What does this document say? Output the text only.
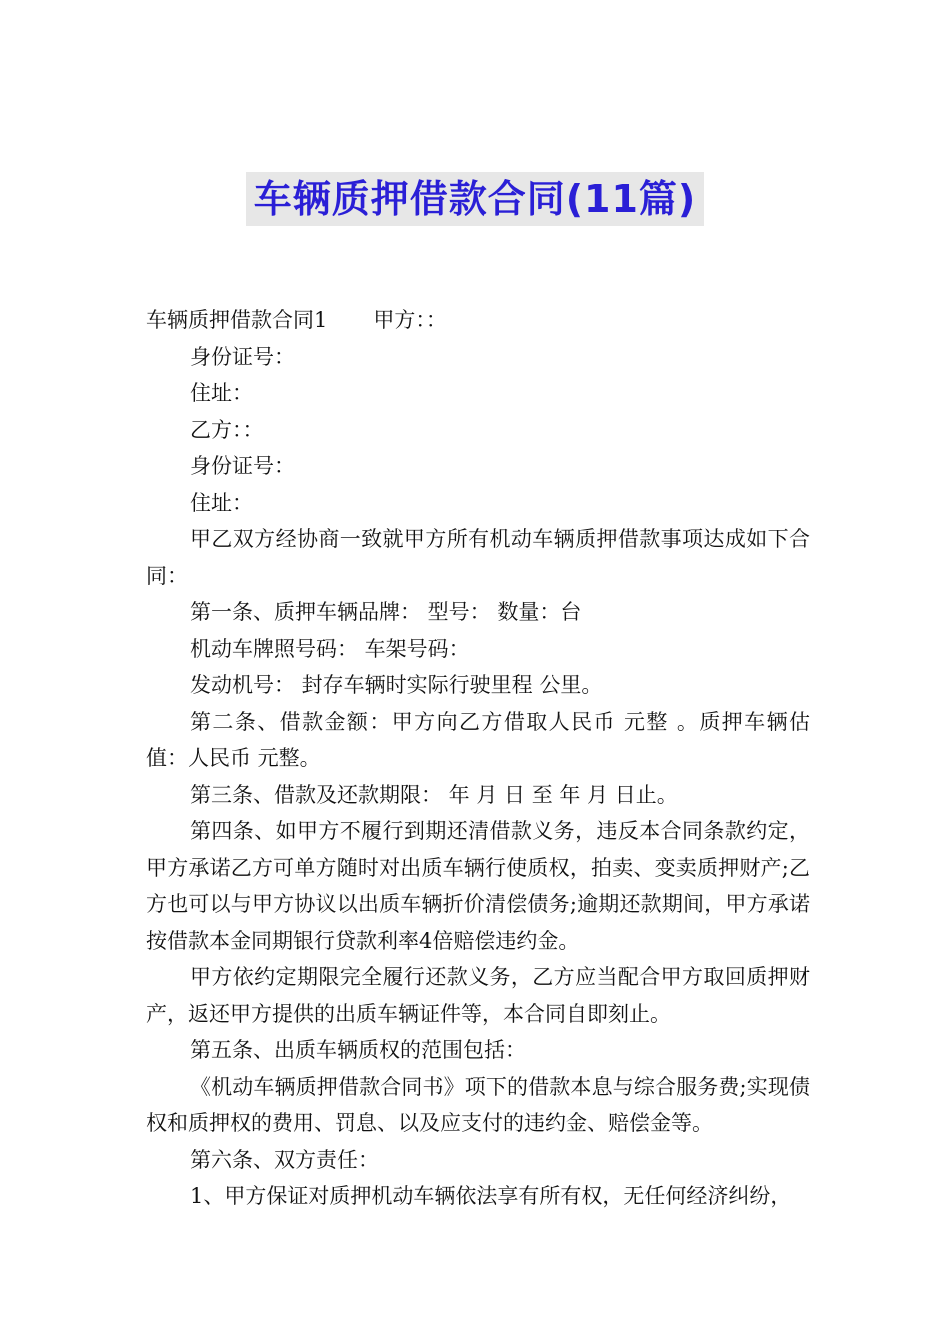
车辆质押借款合同(11篇)

车辆质押借款合同1 甲方：：

身份证号：

住址：

乙方：：

身份证号：

住址：

甲乙双方经协商一致就甲方所有机动车辆质押借款事项达成如下合同：

第一条、质押车辆品牌： 型号： 数量：台

机动车牌照号码： 车架号码：

发动机号： 封存车辆时实际行驶里程 公里。

第二条、借款金额：甲方向乙方借取人民币 元整 。质押车辆估值：人民币 元整。

第三条、借款及还款期限： 年 月 日 至 年 月 日止。

第四条、如甲方不履行到期还清借款义务，违反本合同条款约定，甲方承诺乙方可单方随时对出质车辆行使质权，拍卖、变卖质押财产;乙方也可以与甲方协议以出质车辆折价清偿债务;逾期还款期间，甲方承诺按借款本金同期银行贷款利率4倍赔偿违约金。

甲方依约定期限完全履行还款义务，乙方应当配合甲方取回质押财产，返还甲方提供的出质车辆证件等，本合同自即刻止。

第五条、出质车辆质权的范围包括：

《机动车辆质押借款合同书》项下的借款本息与综合服务费;实现债权和质押权的费用、罚息、以及应支付的违约金、赔偿金等。

第六条、双方责任：

1、甲方保证对质押机动车辆依法享有所有权，无任何经济纠纷，
